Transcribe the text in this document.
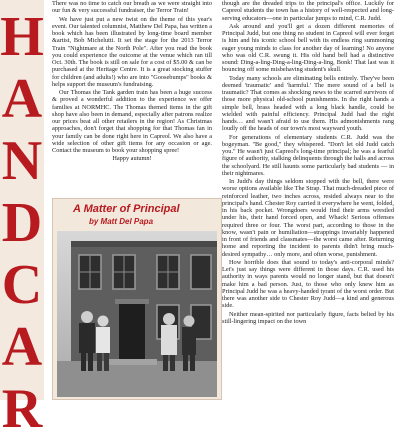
H
A
N
D
C
A
R

There was no time to catch our breath as we were straight into our fun & very successful fundraiser, the Terror Train!

We have just put a new twist on the theme of this year's event. Our talented columnist, Matthew Del Papa, has written a book which has been illustrated by long-time board member &artist, Bob Michelutti. It set the stage for the 2013 Terror Train "Nightmare at the North Pole". After you read the book you could experience the outcome at the venue which ran till Oct. 30th. The book is still on sale for a cost of $5.00 & can be purchased at the Heritage Centre. It is a great stocking stuffer for children (and adults!) who are into "Goosebumps" books & helps support the museum's fundraising.

Our Thomas the Tank garden train has been a huge success & proved a wonderful addition to the experience we offer families at NORMHC. The Thomas themed items in the gift shop have also been in demand, especially after patrons realize our prices beat all other retailers in the region! As Christmas approaches, don't forget that shopping for that Thomas fan in your family can be done right here in Capreol. We also have a wide selection of other gift items for any occasion or age. Contact the museum to book your shopping spree!

Happy autumn!

A Matter of Principal
by Matt Del Papa

though are the dreaded trips to the principal's office. Luckily for Capreol students the town has a history of well-respected and long-serving educators—one in particular jumps to mind, C.R. Judd.

Ask around and you'll get a dozen different memories of Principal Judd, but one thing no student in Capreol will ever forget is him and his iconic school bell with its endless ring summoning eager young minds to class for another day of learning! No anyone who was old C.R. swung it. His old hand bell had a distinctive sound: Ding-a-ling-Ding-a-ling-Ding-a-ling, Bonk! That last was it bouncing off some misbehaving student's skull.

Today many schools are eliminating bells entirely. They've been deemed 'traumatic' and 'harmful.' The mere sound of a bell is traumatic? That comes as shocking news to the scarred survivors of those more physical old-school punishments. In the right hands a simple bell, brass headed with a long black handle, could be wielded with painful efficiency. Principal Judd had the right hands… and wasn't afraid to use them. His admonishments rang loudly off the heads of our town's most wayward youth.

For generations of elementary students C.R. Judd was the bogeyman. "Be good," they whispered. "Don't let old Judd catch you." He wasn't just Capreol's long-time principal; he was a fearful figure of authority, stalking delinquents through the halls and across the schoolyard. He still haunts some particularly bad students — in their nightmares.

In Judd's day things seldom stopped with the bell, there were worse options available like The Strap. That much-dreaded piece of reinforced leather, two inches across, resided always near to the principal's hand. Chester Roy carried it everywhere he went, folded, in his back pocket. Wrongdoers would find their arms wrestled under his, their hand forced open, and Whack! Serious offenses required three or four. The worst part, according to those in the know, wasn't pain or humiliation—strappings invariably happened in front of friends and classmates—the worst came after. Returning home and reporting the incident to parents didn't bring much-desired sympathy… only more, and often worse, punishment.

How horrible does that sound to today's anti-corporal minds? Let's just say things were different in those days. C.R. used his authority in ways parents would no longer stand, but that doesn't make him a bad person. Just, to those who only knew him as Principal Judd he was a heavy-handed tyrant of the worst order. But there was another side to Chester Roy Judd—a kind and generous side.

Neither mean-spirited nor particularly figure, facts belied by his still-lingering impact on the town
